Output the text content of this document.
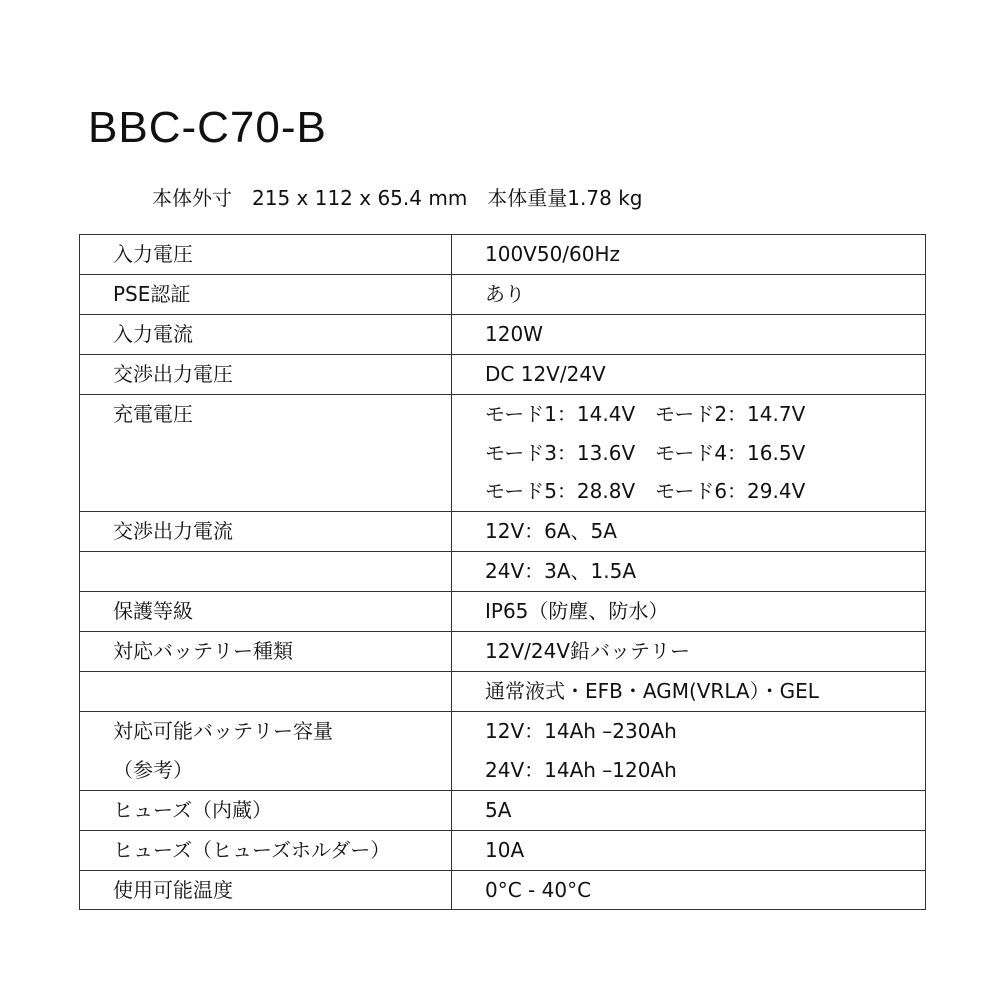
BBC-C70-B
本体外寸　215 x 112 x 65.4 mm　本体重量1.78 kg
入力電圧	100V50/60Hz

PSE認証	あり

入力電流	120W

交渉出力電圧	DC 12V/24V

充電電圧	モード1：14.4V　モード2：14.7V
モード3：13.6V　モード4：16.5V
モード5：28.8V　モード6：29.4V

交渉出力電流	12V：6A、5A

	24V：3A、1.5A

保護等級	IP65（防塵、防水）

対応バッテリー種類	12V/24V鉛バッテリー

	通常液式・EFB・AGM(VRLA）・GEL

対応可能バッテリー容量
（参考）	12V：14Ah –230Ah
24V：14Ah –120Ah

ヒューズ（内蔵）	5A

ヒューズ（ヒューズホルダー）	10A

使用可能温度	0°C - 40°C
